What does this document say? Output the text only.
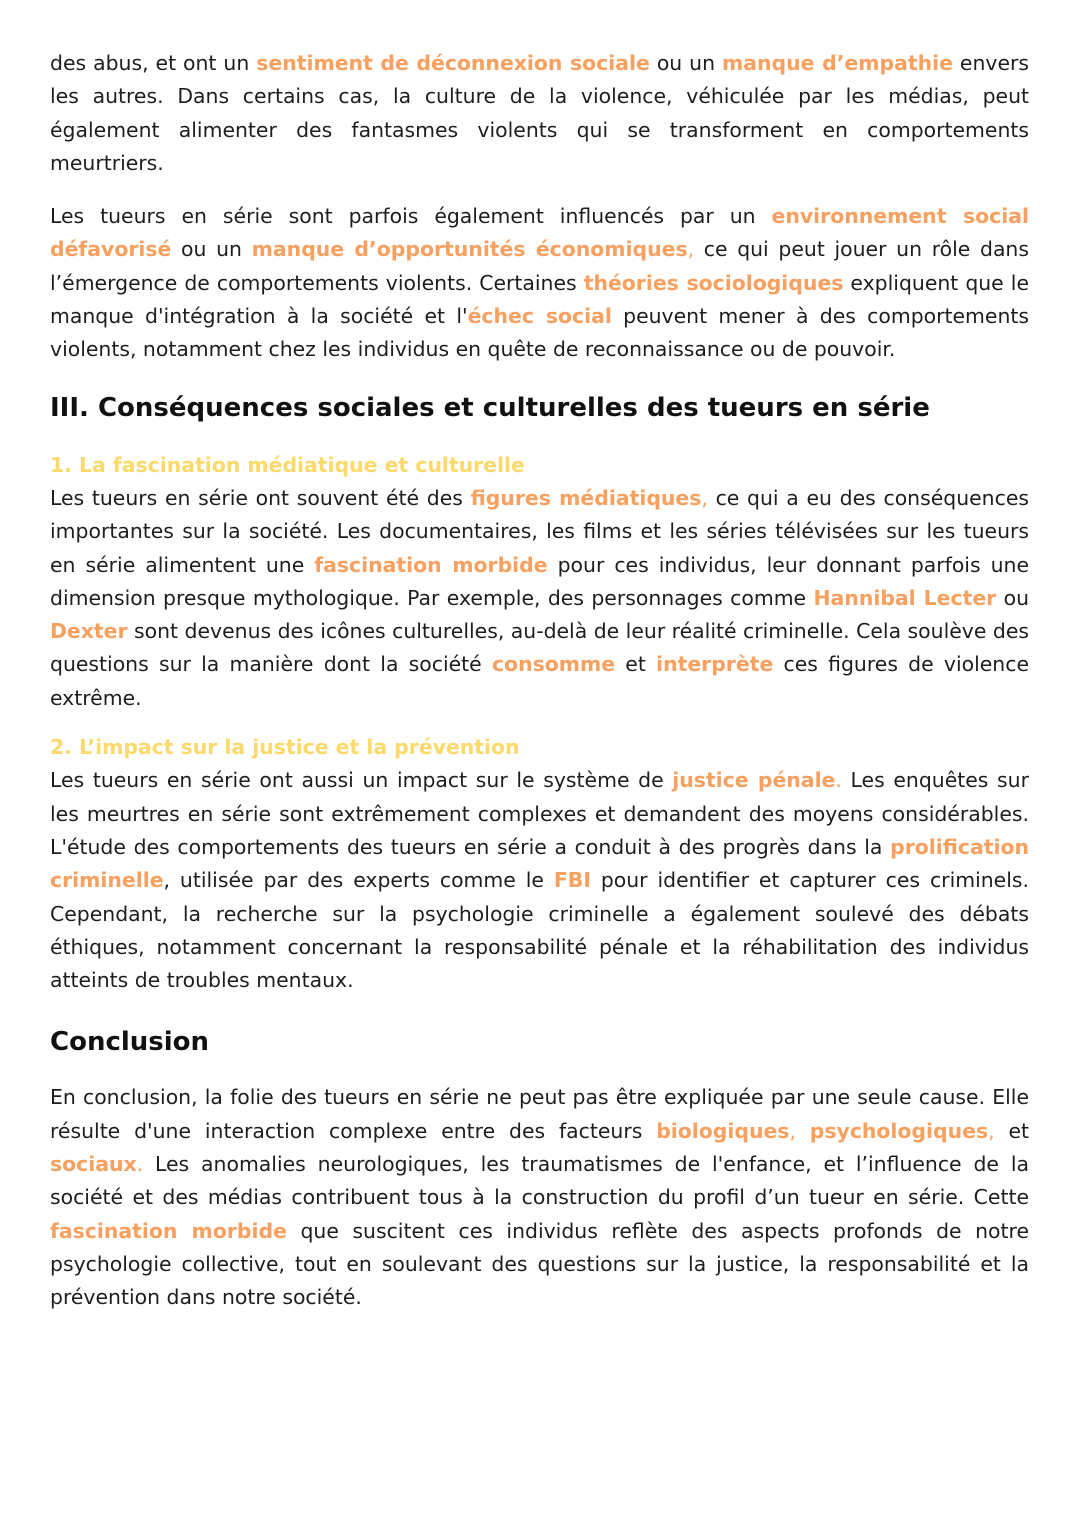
des abus, et ont un sentiment de déconnexion sociale ou un manque d’empathie envers les autres. Dans certains cas, la culture de la violence, véhiculée par les médias, peut également alimenter des fantasmes violents qui se transforment en comportements meurtriers.

Les tueurs en série sont parfois également influencés par un environnement social défavorisé ou un manque d’opportunités économiques, ce qui peut jouer un rôle dans l’émergence de comportements violents. Certaines théories sociologiques expliquent que le manque d'intégration à la société et l'échec social peuvent mener à des comportements violents, notamment chez les individus en quête de reconnaissance ou de pouvoir.

III. Conséquences sociales et culturelles des tueurs en série
1. La fascination médiatique et culturelle

Les tueurs en série ont souvent été des figures médiatiques, ce qui a eu des conséquences importantes sur la société. Les documentaires, les films et les séries télévisées sur les tueurs en série alimentent une fascination morbide pour ces individus, leur donnant parfois une dimension presque mythologique. Par exemple, des personnages comme Hannibal Lecter ou Dexter sont devenus des icônes culturelles, au-delà de leur réalité criminelle. Cela soulève des questions sur la manière dont la société consomme et interprète ces figures de violence extrême.

2. L’impact sur la justice et la prévention

Les tueurs en série ont aussi un impact sur le système de justice pénale. Les enquêtes sur les meurtres en série sont extrêmement complexes et demandent des moyens considérables. L'étude des comportements des tueurs en série a conduit à des progrès dans la prolification criminelle, utilisée par des experts comme le FBI pour identifier et capturer ces criminels. Cependant, la recherche sur la psychologie criminelle a également soulevé des débats éthiques, notamment concernant la responsabilité pénale et la réhabilitation des individus atteints de troubles mentaux.

Conclusion

En conclusion, la folie des tueurs en série ne peut pas être expliquée par une seule cause. Elle résulte d'une interaction complexe entre des facteurs biologiques, psychologiques, et sociaux. Les anomalies neurologiques, les traumatismes de l'enfance, et l’influence de la société et des médias contribuent tous à la construction du profil d’un tueur en série. Cette fascination morbide que suscitent ces individus reflète des aspects profonds de notre psychologie collective, tout en soulevant des questions sur la justice, la responsabilité et la prévention dans notre société.
